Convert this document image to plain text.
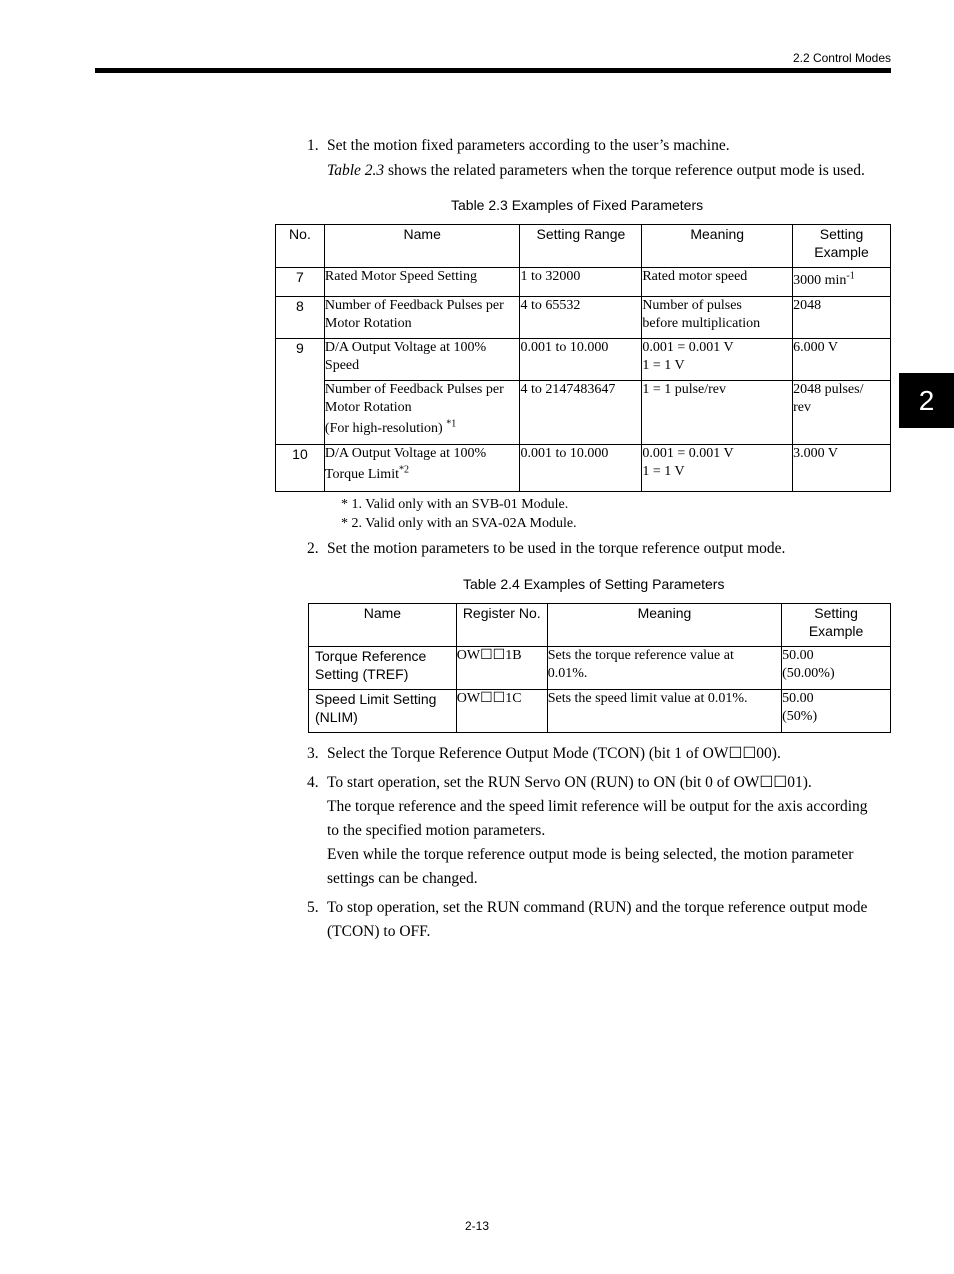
2.2 Control Modes
2
1. Set the motion fixed parameters according to the user’s machine.
Table 2.3 shows the related parameters when the torque reference output mode is used.
Table 2.3 Examples of Fixed Parameters
No.	Name	Setting Range	Meaning	Setting
Example

7	Rated Motor Speed Setting	1 to 32000	Rated motor speed	3000 $\min^{-1}$
8	Number of Feedback Pulses per
Motor Rotation	4 to 65532	Number of pulses
before multiplication	2048
9	D/A Output Voltage at 100%
Speed	0.001 to 10.000	0.001 = 0.001 V
1 = 1 V	6.000 V

	Number of Feedback Pulses per
Motor Rotation
(For high-resolution) $^{*1}$	4 to 2147483647	1 = 1 pulse/rev	2048 pulses/
rev

10	D/A Output Voltage at 100%
Torque Limit$^{*2}$	0.001 to 10.000	0.001 = 0.001 V
1 = 1 V	3.000 V
* 1. Valid only with an SVB-01 Module.
* 2. Valid only with an SVA-02A Module.
2. Set the motion parameters to be used in the torque reference output mode.
Table 2.4 Examples of Setting Parameters
Name	Register No.	Meaning	Setting
Example

Torque Reference
Setting (TREF)	OW☐☐1B	Sets the torque reference value at
0.01%.	50.00
(50.00%)

Speed Limit Setting
(NLIM)	OW☐☐1C	Sets the speed limit value at 0.01%.	50.00
(50%)
3. Select the Torque Reference Output Mode (TCON) (bit 1 of OW☐☐00).
4. To start operation, set the RUN Servo ON (RUN) to ON (bit 0 of OW☐☐01).
The torque reference and the speed limit reference will be output for the axis according
to the specified motion parameters.
Even while the torque reference output mode is being selected, the motion parameter
settings can be changed.
5. To stop operation, set the RUN command (RUN) and the torque reference output mode
(TCON) to OFF.
2-13
